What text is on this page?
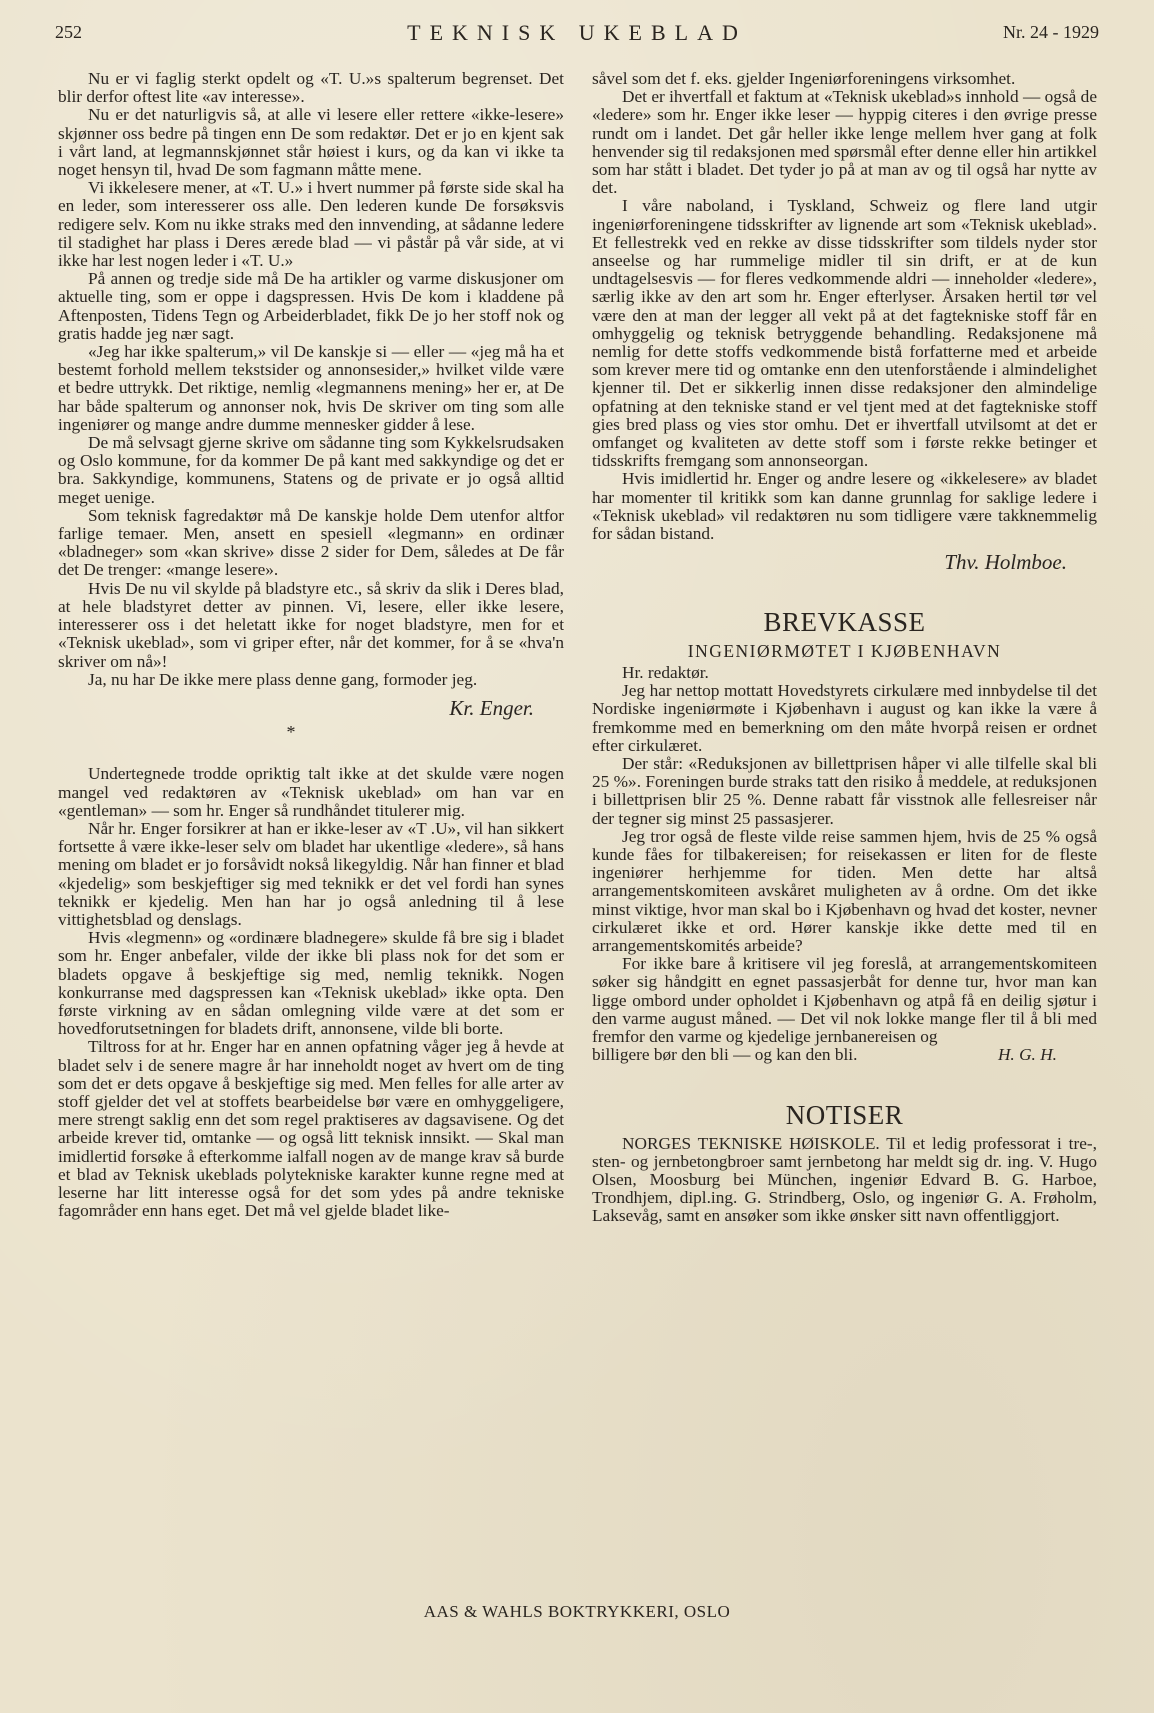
252	TEKNISK UKEBLAD	Nr. 24 - 1929

Nu er vi faglig sterkt opdelt og «T. U.»s spalterum begrenset. Det blir derfor oftest lite «av interesse».

Nu er det naturligvis så, at alle vi lesere eller rettere «ikke-lesere» skjønner oss bedre på tingen enn De som redaktør. Det er jo en kjent sak i vårt land, at legmannskjønnet står høiest i kurs, og da kan vi ikke ta noget hensyn til, hvad De som fagmann måtte mene.

Vi ikkelesere mener, at «T. U.» i hvert nummer på første side skal ha en leder, som interesserer oss alle. Den lederen kunde De forsøksvis redigere selv. Kom nu ikke straks med den innvending, at sådanne ledere til stadighet har plass i Deres ærede blad — vi påstår på vår side, at vi ikke har lest nogen leder i «T. U.»

På annen og tredje side må De ha artikler og varme diskusjoner om aktuelle ting, som er oppe i dagspressen. Hvis De kom i kladdene på Aftenposten, Tidens Tegn og Arbeiderbladet, fikk De jo her stoff nok og gratis hadde jeg nær sagt.

«Jeg har ikke spalterum,» vil De kanskje si — eller — «jeg må ha et bestemt forhold mellem tekstsider og annonsesider,» hvilket vilde være et bedre uttrykk. Det riktige, nemlig «legmannens mening» her er, at De har både spalterum og annonser nok, hvis De skriver om ting som alle ingeniører og mange andre dumme mennesker gidder å lese.

De må selvsagt gjerne skrive om sådanne ting som Kykkelsrudsaken og Oslo kommune, for da kommer De på kant med sakkyndige og det er bra. Sakkyndige, kommunens, Statens og de private er jo også alltid meget uenige.

Som teknisk fagredaktør må De kanskje holde Dem utenfor altfor farlige temaer. Men, ansett en spesiell «legmann» en ordinær «bladneger» som «kan skrive» disse 2 sider for Dem, således at De får det De trenger: «mange lesere».

Hvis De nu vil skylde på bladstyre etc., så skriv da slik i Deres blad, at hele bladstyret detter av pinnen. Vi, lesere, eller ikke lesere, interesserer oss i det heletatt ikke for noget bladstyre, men for et «Teknisk ukeblad», som vi griper efter, når det kommer, for å se «hva'n skriver om nå»!

Ja, nu har De ikke mere plass denne gang, formoder jeg.

Kr. Enger.
*

Undertegnede trodde opriktig talt ikke at det skulde være nogen mangel ved redaktøren av «Teknisk ukeblad» om han var en «gentleman» — som hr. Enger så rundhåndet titulerer mig.

Når hr. Enger forsikrer at han er ikke-leser av «T .U», vil han sikkert fortsette å være ikke-leser selv om bladet har ukentlige «ledere», så hans mening om bladet er jo forsåvidt nokså likegyldig. Når han finner et blad «kjedelig» som beskjeftiger sig med teknikk er det vel fordi han synes teknikk er kjedelig. Men han har jo også anledning til å lese vittighetsblad og denslags.

Hvis «legmenn» og «ordinære bladnegere» skulde få bre sig i bladet som hr. Enger anbefaler, vilde der ikke bli plass nok for det som er bladets opgave å beskjeftige sig med, nemlig teknikk. Nogen konkurranse med dagspressen kan «Teknisk ukeblad» ikke opta. Den første virkning av en sådan omlegning vilde være at det som er hovedforutsetningen for bladets drift, annonsene, vilde bli borte.

Tiltross for at hr. Enger har en annen opfatning våger jeg å hevde at bladet selv i de senere magre år har inneholdt noget av hvert om de ting som det er dets opgave å beskjeftige sig med. Men felles for alle arter av stoff gjelder det vel at stoffets bearbeidelse bør være en omhyggeligere, mere strengt saklig enn det som regel praktiseres av dagsavisene. Og det arbeide krever tid, omtanke — og også litt teknisk innsikt. — Skal man imidlertid forsøke å efterkomme ialfall nogen av de mange krav så burde et blad av Teknisk ukeblads polytekniske karakter kunne regne med at leserne har litt interesse også for det som ydes på andre tekniske fagområder enn hans eget. Det må vel gjelde bladet like-

såvel som det f. eks. gjelder Ingeniørforeningens virksomhet.

Det er ihvertfall et faktum at «Teknisk ukeblad»s innhold — også de «ledere» som hr. Enger ikke leser — hyppig citeres i den øvrige presse rundt om i landet. Det går heller ikke lenge mellem hver gang at folk henvender sig til redaksjonen med spørsmål efter denne eller hin artikkel som har stått i bladet. Det tyder jo på at man av og til også har nytte av det.

I våre naboland, i Tyskland, Schweiz og flere land utgir ingeniørforeningene tidsskrifter av lignende art som «Teknisk ukeblad». Et fellestrekk ved en rekke av disse tidsskrifter som tildels nyder stor anseelse og har rummelige midler til sin drift, er at de kun undtagelsesvis — for fleres vedkommende aldri — inneholder «ledere», særlig ikke av den art som hr. Enger efterlyser. Årsaken hertil tør vel være den at man der legger all vekt på at det fagtekniske stoff får en omhyggelig og teknisk betryggende behandling. Redaksjonene må nemlig for dette stoffs vedkommende bistå forfatterne med et arbeide som krever mere tid og omtanke enn den utenforstående i almindelighet kjenner til. Det er sikkerlig innen disse redaksjoner den almindelige opfatning at den tekniske stand er vel tjent med at det fagtekniske stoff gies bred plass og vies stor omhu. Det er ihvertfall utvilsomt at det er omfanget og kvaliteten av dette stoff som i første rekke betinger et tidsskrifts fremgang som annonseorgan.

Hvis imidlertid hr. Enger og andre lesere og «ikkelesere» av bladet har momenter til kritikk som kan danne grunnlag for saklige ledere i «Teknisk ukeblad» vil redaktøren nu som tidligere være takknemmelig for sådan bistand.

Thv. Holmboe.
BREVKASSE
INGENIØRMØTET I KJØBENHAVN

Hr. redaktør.

Jeg har nettop mottatt Hovedstyrets cirkulære med innbydelse til det Nordiske ingeniørmøte i Kjøbenhavn i august og kan ikke la være å fremkomme med en bemerkning om den måte hvorpå reisen er ordnet efter cirkulæret.

Der står: «Reduksjonen av billettprisen håper vi alle tilfelle skal bli 25 %». Foreningen burde straks tatt den risiko å meddele, at reduksjonen i billettprisen blir 25 %. Denne rabatt får visstnok alle fellesreiser når der tegner sig minst 25 passasjerer.

Jeg tror også de fleste vilde reise sammen hjem, hvis de 25 % også kunde fåes for tilbakereisen; for reisekassen er liten for de fleste ingeniører herhjemme for tiden. Men dette har altså arrangementskomiteen avskåret muligheten av å ordne. Om det ikke minst viktige, hvor man skal bo i Kjøbenhavn og hvad det koster, nevner cirkulæret ikke et ord. Hører kanskje ikke dette med til en arrangementskomités arbeide?

For ikke bare å kritisere vil jeg foreslå, at arrangementskomiteen søker sig håndgitt en egnet passasjerbåt for denne tur, hvor man kan ligge ombord under opholdet i Kjøbenhavn og atpå få en deilig sjøtur i den varme august måned. — Det vil nok lokke mange fler til å bli med fremfor den varme og kjedelige jernbanereisen og

billigere bør den bli — og kan den bli.	H. G. H.
NOTISER

NORGES TEKNISKE HØISKOLE. Til et ledig professorat i tre-, sten- og jernbetongbroer samt jernbetong har meldt sig dr. ing. V. Hugo Olsen, Moosburg bei München, ingeniør Edvard B. G. Harboe, Trondhjem, dipl.ing. G. Strindberg, Oslo, og ingeniør G. A. Frøholm, Laksevåg, samt en ansøker som ikke ønsker sitt navn offentliggjort.

AAS & WAHLS BOKTRYKKERI, OSLO
